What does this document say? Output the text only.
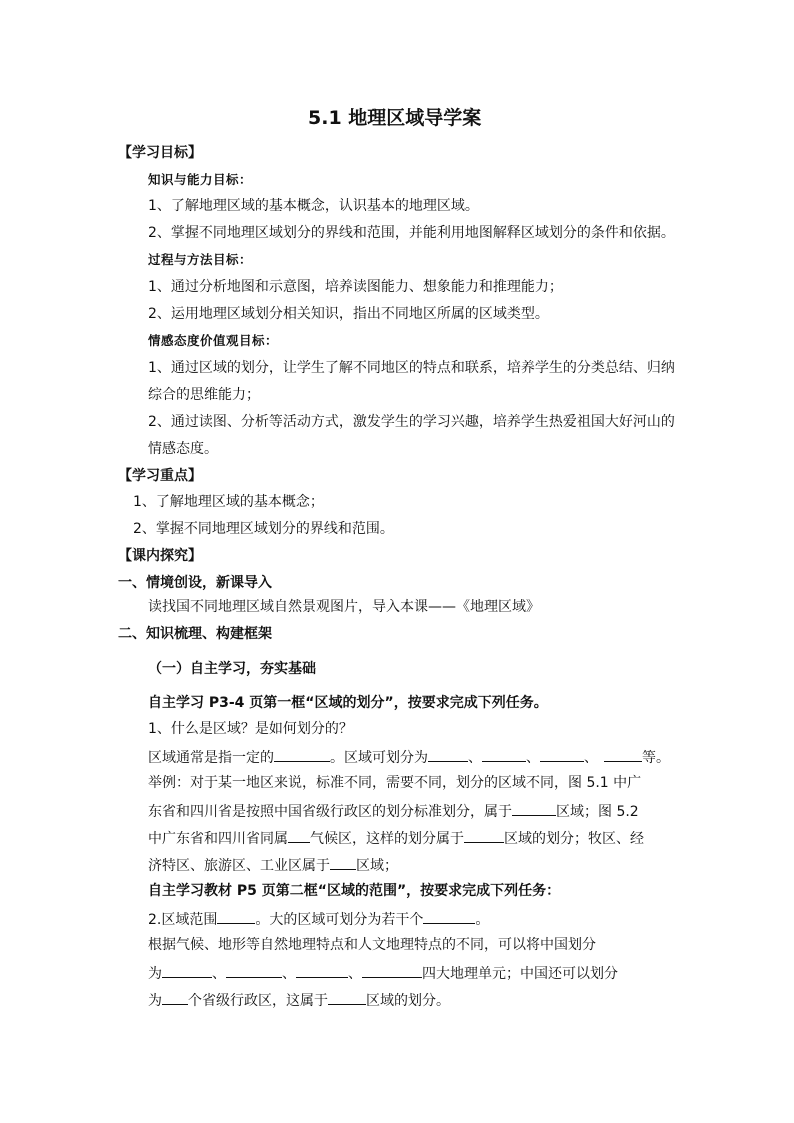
5.1 地理区域导学案
【学习目标】
知识与能力目标：
1、了解地理区域的基本概念，认识基本的地理区域。
2、掌握不同地理区域划分的界线和范围，并能利用地图解释区域划分的条件和依据。
过程与方法目标：
1、通过分析地图和示意图，培养读图能力、想象能力和推理能力；
2、运用地理区域划分相关知识，指出不同地区所属的区域类型。
情感态度价值观目标：
1、通过区域的划分，让学生了解不同地区的特点和联系，培养学生的分类总结、归纳
综合的思维能力；
2、通过读图、分析等活动方式，激发学生的学习兴趣，培养学生热爱祖国大好河山的
情感态度。
【学习重点】
1、了解地理区域的基本概念；
2、掌握不同地理区域划分的界线和范围。
【课内探究】
一、情境创设，新课导入
读找国不同地理区域自然景观图片，导入本课——《地理区域》
二、知识梳理、构建框架
（一）自主学习，夯实基础
自主学习 P3-4 页第一框“区域的划分”，按要求完成下列任务。
1、什么是区域？是如何划分的？
区域通常是指一定的	。区域可划分为	、	、	、	等。
举例：对于某一地区来说，标准不同，需要不同，划分的区域不同，图 5.1 中广
东省和四川省是按照中国省级行政区的划分标准划分，属于	区域；图 5.2
中广东省和四川省同属 气候区，这样的划分属于	区域的划分；牧区、经
济特区、旅游区、工业区属于 区域；
自主学习教材 P5 页第二框“区域的范围”，按要求完成下列任务：
2.区域范围	。大的区域可划分为若干个	。
根据气候、地形等自然地理特点和人文地理特点的不同，可以将中国划分
为	、	、	、	四大地理单元；中国还可以划分
为 个省级行政区，这属于	区域的划分。
